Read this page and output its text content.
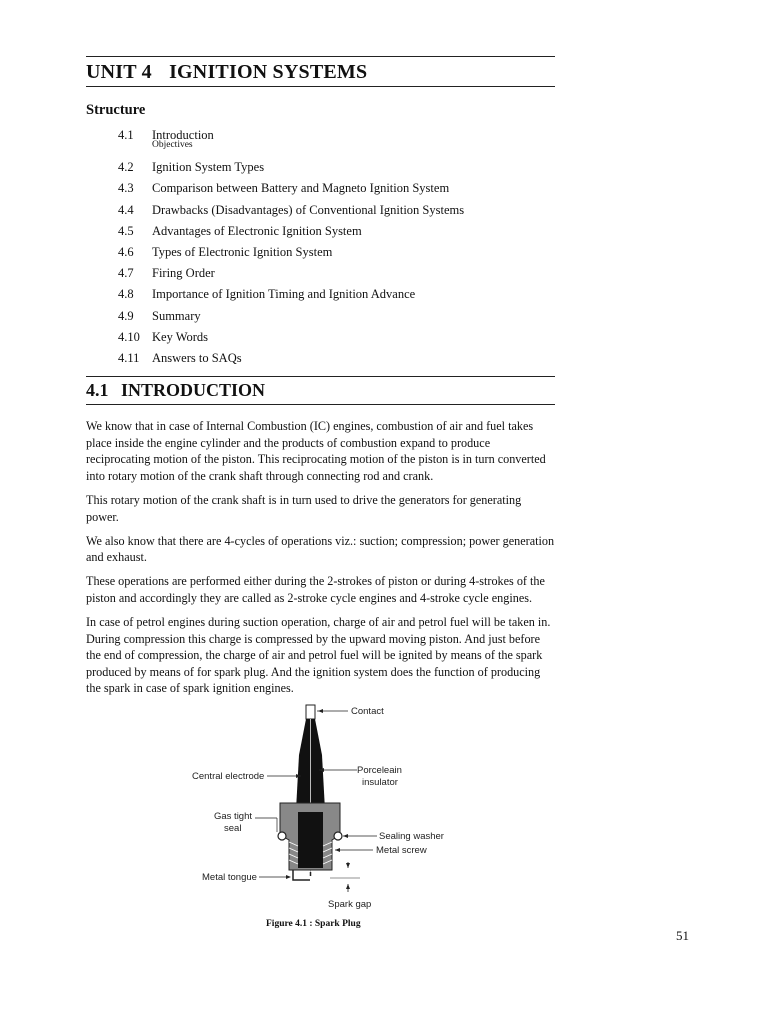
UNIT 4 IGNITION SYSTEMS
Structure
4.1	Introduction
Objectives
4.2	Ignition System Types
4.3	Comparison between Battery and Magneto Ignition System
4.4	Drawbacks (Disadvantages) of Conventional Ignition Systems
4.5	Advantages of Electronic Ignition System
4.6	Types of Electronic Ignition System
4.7	Firing Order
4.8	Importance of Ignition Timing and Ignition Advance
4.9	Summary
4.10 Key Words
4.11	Answers to SAQs
4.1 INTRODUCTION

We know that in case of Internal Combustion (IC) engines, combustion of air and fuel takes place inside the engine cylinder and the products of combustion expand to produce reciprocating motion of the piston. This reciprocating motion of the piston is in turn converted into rotary motion of the crank shaft through connecting rod and crank.

This rotary motion of the crank shaft is in turn used to drive the generators for generating power.

We also know that there are 4-cycles of operations viz.: suction; compression; power generation and exhaust.

These operations are performed either during the 2-strokes of piston or during 4-strokes of the piston and accordingly they are called as 2-stroke cycle engines and 4-stroke cycle engines.

In case of petrol engines during suction operation, charge of air and petrol fuel will be taken in. During compression this charge is compressed by the upward moving piston. And just before the end of compression, the charge of air and petrol fuel will be ignited by means of the spark produced by means of for spark plug. And the ignition system does the function of producing the spark in case of spark ignition engines.

Contact
Central electrode
Porceleain
insulator
Gas tight
seal
Sealing washer
Metal screw
Metal tongue
Spark gap
Figure 4.1 : Spark Plug
51
